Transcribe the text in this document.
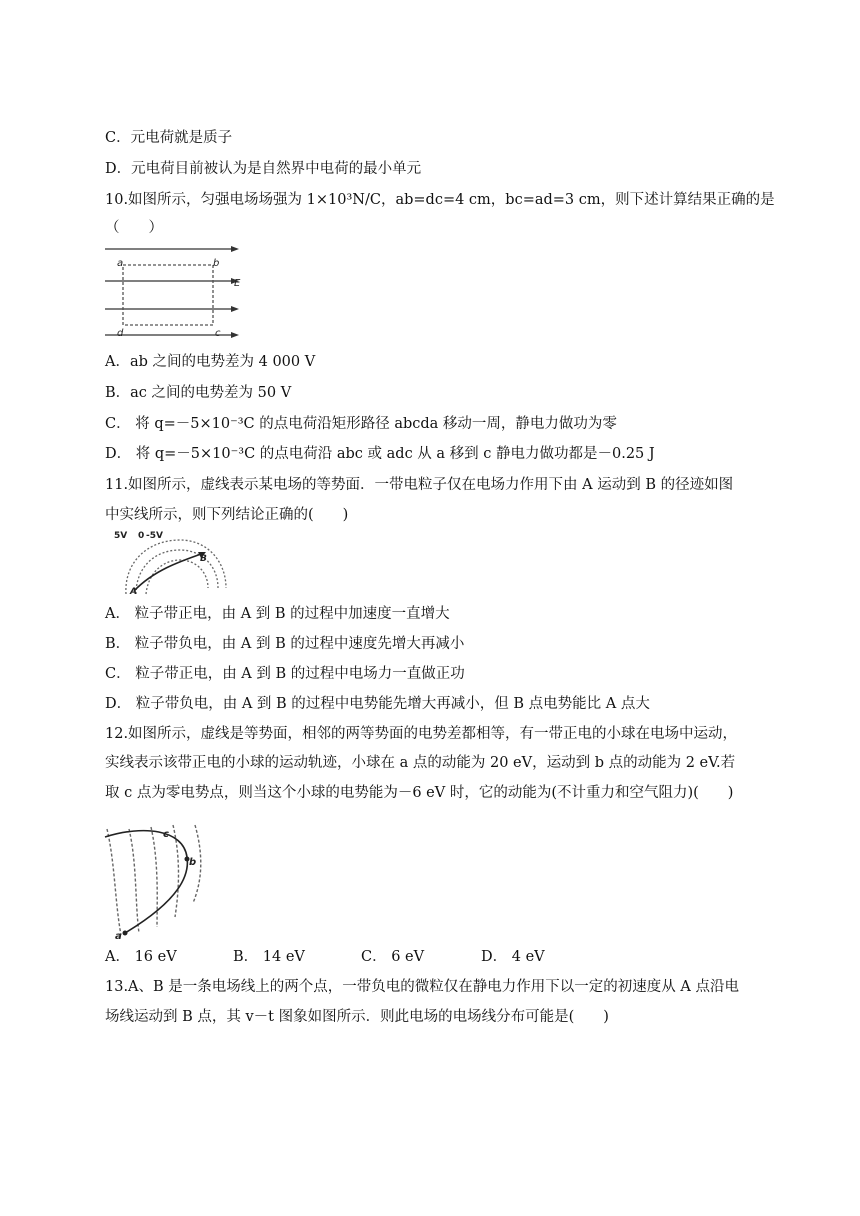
C．元电荷就是质子
D．元电荷目前被认为是自然界中电荷的最小单元
10.如图所示，匀强电场场强为 1×10³N/C，ab=dc=4 cm，bc=ad=3 cm，则下述计算结果正确的是
（　　）
a	b
c
d
E
A．ab 之间的电势差为 4 000 V
B．ac 之间的电势差为 50 V
C． 将 q=－5×10⁻³C 的点电荷沿矩形路径 abcda 移动一周，静电力做功为零
D． 将 q=－5×10⁻³C 的点电荷沿 abc 或 adc 从 a 移到 c 静电力做功都是－0.25 J
11.如图所示，虚线表示某电场的等势面．一带电粒子仅在电场力作用下由 A 运动到 B 的径迹如图
中实线所示，则下列结论正确的(　　)
5V 0 -5V
A
B
A． 粒子带正电，由 A 到 B 的过程中加速度一直增大
B． 粒子带负电，由 A 到 B 的过程中速度先增大再减小
C． 粒子带正电，由 A 到 B 的过程中电场力一直做正功
D． 粒子带负电，由 A 到 B 的过程中电势能先增大再减小，但 B 点电势能比 A 点大
12.如图所示，虚线是等势面，相邻的两等势面的电势差都相等，有一带正电的小球在电场中运动，
实线表示该带正电的小球的运动轨迹，小球在 a 点的动能为 20 eV，运动到 b 点的动能为 2 eV.若
取 c 点为零电势点，则当这个小球的电势能为－6 eV 时，它的动能为(不计重力和空气阻力)(　　)
c
b
a
A． 16 eV	B． 14 eV	C． 6 eV	D． 4 eV
13.A、B 是一条电场线上的两个点，一带负电的微粒仅在静电力作用下以一定的初速度从 A 点沿电
场线运动到 B 点，其 v－t 图象如图所示．则此电场的电场线分布可能是(　　)
